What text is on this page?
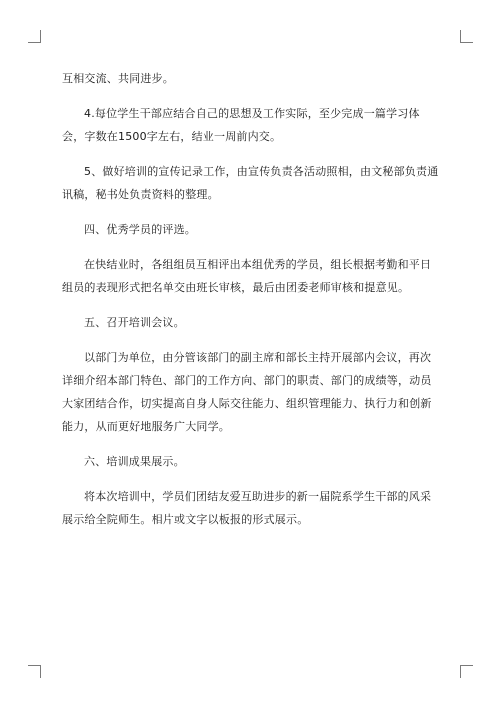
互相交流、共同进步。

4.每位学生干部应结合自己的思想及工作实际，至少完成一篇学习体会，字数在1500字左右，结业一周前内交。

5、做好培训的宣传记录工作，由宣传负责各活动照相，由文秘部负责通讯稿，秘书处负责资料的整理。

四、优秀学员的评选。

在快结业时，各组组员互相评出本组优秀的学员，组长根据考勤和平日组员的表现形式把名单交由班长审核，最后由团委老师审核和提意见。

五、召开培训会议。

以部门为单位，由分管该部门的副主席和部长主持开展部内会议，再次详细介绍本部门特色、部门的工作方向、部门的职责、部门的成绩等，动员大家团结合作，切实提高自身人际交往能力、组织管理能力、执行力和创新能力，从而更好地服务广大同学。

六、培训成果展示。

将本次培训中，学员们团结友爱互助进步的新一届院系学生干部的风采展示给全院师生。相片或文字以板报的形式展示。
